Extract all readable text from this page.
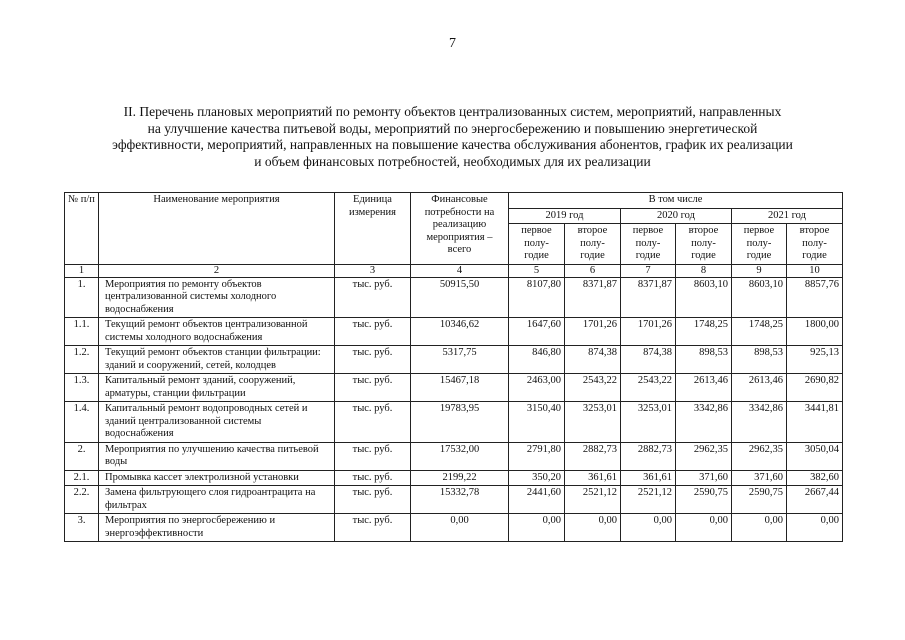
7
II. Перечень плановых мероприятий по ремонту объектов централизованных систем, мероприятий, направленных
на улучшение качества питьевой воды, мероприятий по энергосбережению и повышению энергетической
эффективности, мероприятий, направленных на повышение качества обслуживания абонентов, график их реализации
и объем финансовых потребностей, необходимых для их реализации
№ п/п	Наименование мероприятия	Единица измерения	Финансовые потребности на реализацию мероприятия – всего	В том числе					
				2019 год		2020 год		2021 год	
				первое полу-годие	второе полу-годие	первое полу-годие	второе полу-годие	первое полу-годие	второе полу-годие
1	2	3	4	5	6	7	8	9	10
1.	Мероприятия по ремонту объектов централизованной системы холодного водоснабжения	тыс. руб.	50915,50	8107,80	8371,87	8371,87	8603,10	8603,10	8857,76
1.1.	Текущий ремонт объектов централизованной системы холодного водоснабжения	тыс. руб.	10346,62	1647,60	1701,26	1701,26	1748,25	1748,25	1800,00
1.2.	Текущий ремонт объектов станции фильтрации: зданий и сооружений, сетей, колодцев	тыс. руб.	5317,75	846,80	874,38	874,38	898,53	898,53	925,13
1.3.	Капитальный ремонт зданий, сооружений, арматуры, станции фильтрации	тыс. руб.	15467,18	2463,00	2543,22	2543,22	2613,46	2613,46	2690,82
1.4.	Капитальный ремонт водопроводных сетей и зданий централизованной системы водоснабжения	тыс. руб.	19783,95	3150,40	3253,01	3253,01	3342,86	3342,86	3441,81
2.	Мероприятия по улучшению качества питьевой воды	тыс. руб.	17532,00	2791,80	2882,73	2882,73	2962,35	2962,35	3050,04
2.1.	Промывка кассет электролизной установки	тыс. руб.	2199,22	350,20	361,61	361,61	371,60	371,60	382,60
2.2.	Замена фильтрующего слоя гидроантрацита на фильтрах	тыс. руб.	15332,78	2441,60	2521,12	2521,12	2590,75	2590,75	2667,44
3.	Мероприятия по энергосбережению и энергоэффективности	тыс. руб.	0,00	0,00	0,00	0,00	0,00	0,00	0,00
